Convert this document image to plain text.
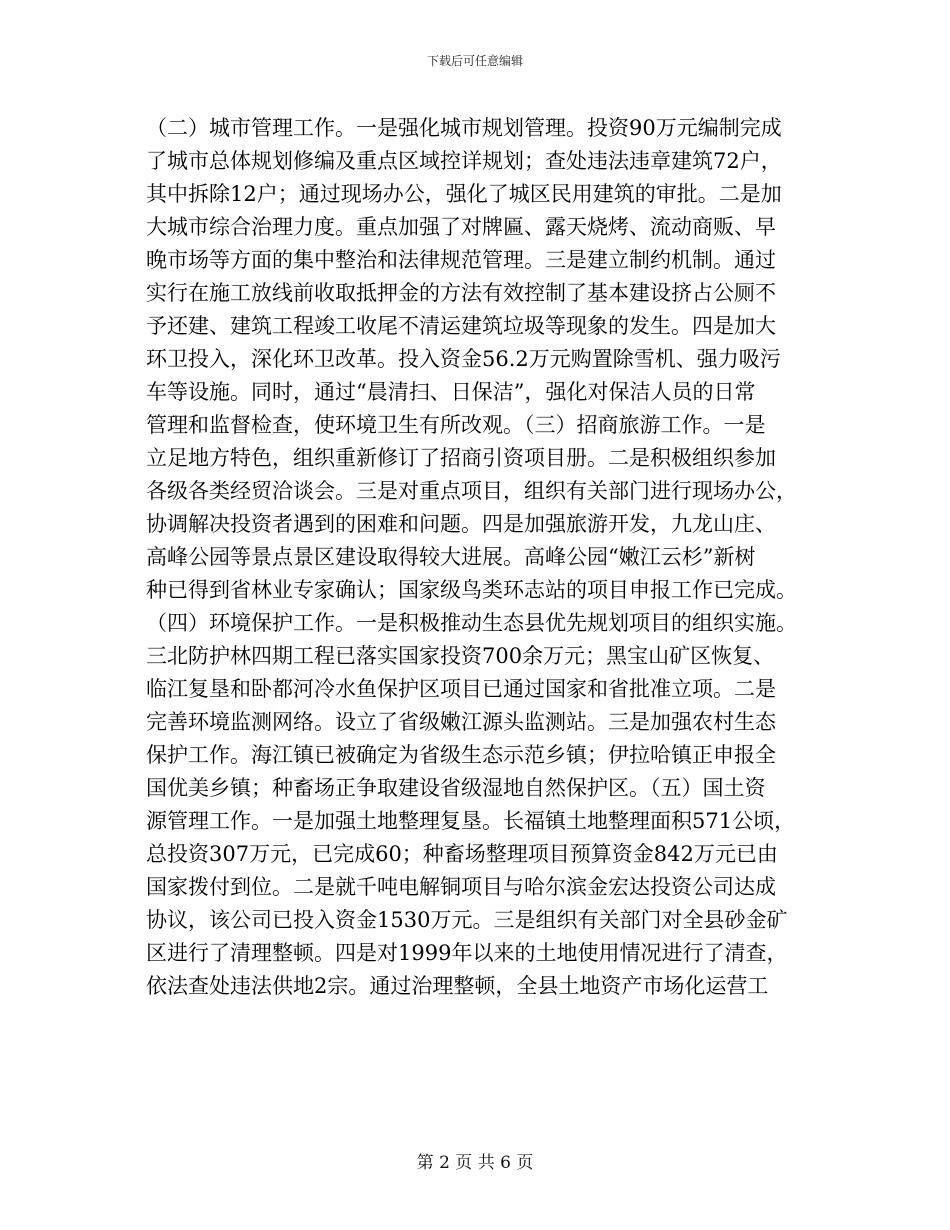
下载后可任意编辑
（二）城市管理工作。一是强化城市规划管理。投资90万元编制完成
了城市总体规划修编及重点区域控详规划；查处违法违章建筑72户，
其中拆除12户；通过现场办公，强化了城区民用建筑的审批。二是加
大城市综合治理力度。重点加强了对牌匾、露天烧烤、流动商贩、早
晚市场等方面的集中整治和法律规范管理。三是建立制约机制。通过
实行在施工放线前收取抵押金的方法有效控制了基本建设挤占公厕不
予还建、建筑工程竣工收尾不清运建筑垃圾等现象的发生。四是加大
环卫投入，深化环卫改革。投入资金56.2万元购置除雪机、强力吸污
车等设施。同时，通过“晨清扫、日保洁”，强化对保洁人员的日常
管理和监督检查，使环境卫生有所改观。（三）招商旅游工作。一是
立足地方特色，组织重新修订了招商引资项目册。二是积极组织参加
各级各类经贸洽谈会。三是对重点项目，组织有关部门进行现场办公，
协调解决投资者遇到的困难和问题。四是加强旅游开发，九龙山庄、
高峰公园等景点景区建设取得较大进展。高峰公园“嫩江云杉”新树
种已得到省林业专家确认；国家级鸟类环志站的项目申报工作已完成。
（四）环境保护工作。一是积极推动生态县优先规划项目的组织实施。
三北防护林四期工程已落实国家投资700余万元；黑宝山矿区恢复、
临江复垦和卧都河冷水鱼保护区项目已通过国家和省批准立项。二是
完善环境监测网络。设立了省级嫩江源头监测站。三是加强农村生态
保护工作。海江镇已被确定为省级生态示范乡镇；伊拉哈镇正申报全
国优美乡镇；种畜场正争取建设省级湿地自然保护区。（五）国土资
源管理工作。一是加强土地整理复垦。长福镇土地整理面积571公顷，
总投资307万元，已完成60；种畜场整理项目预算资金842万元已由
国家拨付到位。二是就千吨电解铜项目与哈尔滨金宏达投资公司达成
协议，该公司已投入资金1530万元。三是组织有关部门对全县砂金矿
区进行了清理整顿。四是对1999年以来的土地使用情况进行了清查，
依法查处违法供地2宗。通过治理整顿，全县土地资产市场化运营工
第 2 页 共 6 页
